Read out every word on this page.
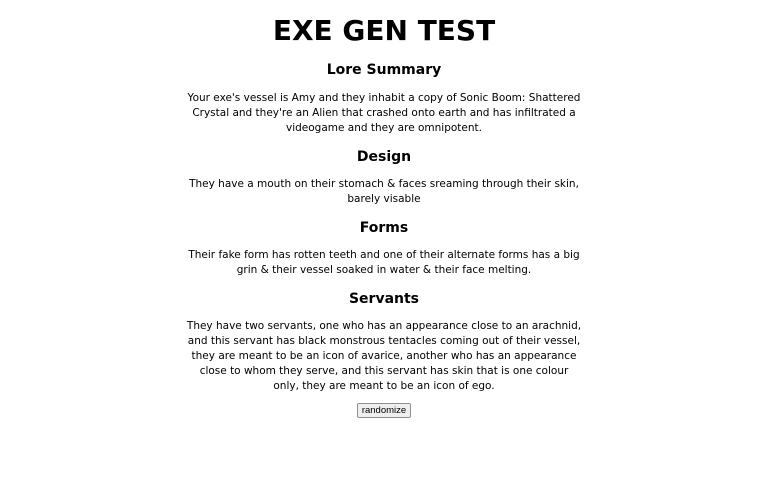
EXE GEN TEST
Lore Summary

Your exe's vessel is Amy and they inhabit a copy of Sonic Boom: Shattered Crystal and they're an Alien that crashed onto earth and has infiltrated a videogame and they are omnipotent.

Design

They have a mouth on their stomach & faces sreaming through their skin, barely visable

Forms

Their fake form has rotten teeth and one of their alternate forms has a big grin & their vessel soaked in water & their face melting.

Servants

They have two servants, one who has an appearance close to an arachnid, and this servant has black monstrous tentacles coming out of their vessel, they are meant to be an icon of avarice, another who has an appearance close to whom they serve, and this servant has skin that is one colour only, they are meant to be an icon of ego.

randomize
